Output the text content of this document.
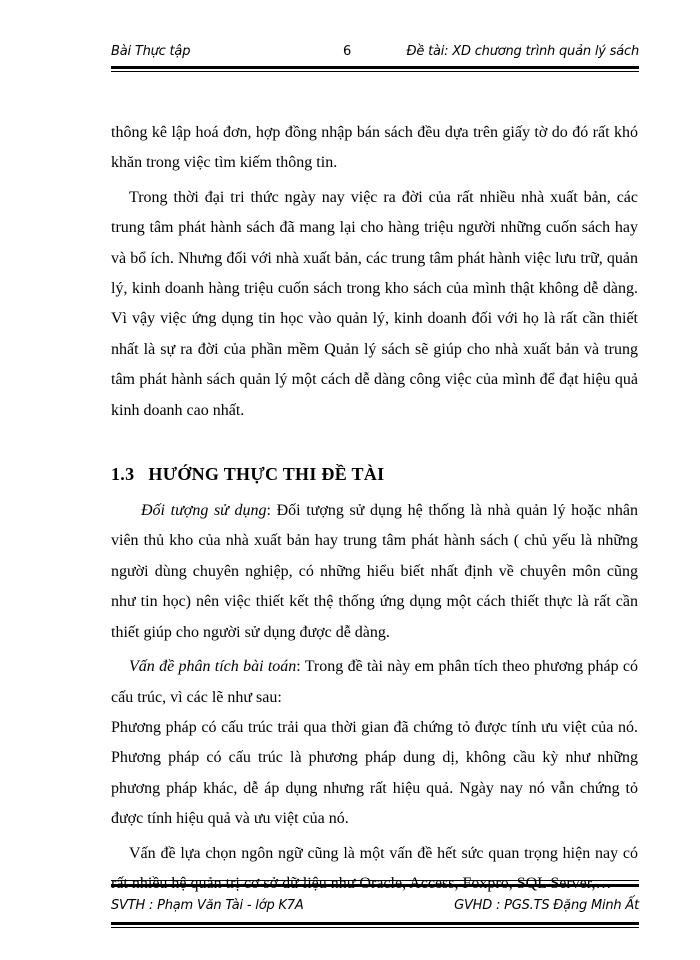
Bài Thực tập	6	Đề tài: XD chương trình quản lý sách

thông kê lập hoá đơn, hợp đồng nhập bán sách đều dựa trên giấy tờ do đó rất khó khăn trong việc tìm kiếm thông tin.

Trong thời đại tri thức ngày nay việc ra đời của rất nhiều nhà xuất bản, các trung tâm phát hành sách đã mang lại cho hàng triệu người những cuốn sách hay và bổ ích. Nhưng đối với nhà xuất bản, các trung tâm phát hành việc lưu trữ, quản lý, kinh doanh hàng triệu cuốn sách trong kho sách của mình thật không dễ dàng. Vì vậy việc ứng dụng tin học vào quản lý, kinh doanh đối với họ là rất cần thiết nhất là sự ra đời của phần mềm Quản lý sách sẽ giúp cho nhà xuất bản và trung tâm phát hành sách quản lý một cách dễ dàng công việc của mình để đạt hiệu quả kinh doanh cao nhất.

1.3 HƯỚNG THỰC THI ĐỀ TÀI

Đối tượng sử dụng: Đối tượng sử dụng hệ thống là nhà quản lý hoặc nhân viên thủ kho của nhà xuất bản hay trung tâm phát hành sách ( chủ yếu là những người dùng chuyên nghiệp, có những hiểu biết nhất định về chuyên môn cũng như tin học) nên việc thiết kết thệ thống ứng dụng một cách thiết thực là rất cần thiết giúp cho người sử dụng được dễ dàng.

Vấn đề phân tích bài toán: Trong đề tài này em phân tích theo phương pháp có cấu trúc, vì các lẽ như sau:

Phương pháp có cấu trúc trải qua thời gian đã chứng tỏ được tính ưu việt của nó. Phương pháp có cấu trúc là phương pháp dung dị, không cầu kỳ như những phương pháp khác, dễ áp dụng nhưng rất hiệu quả. Ngày nay nó vẫn chứng tỏ được tính hiệu quả và ưu việt của nó.

Vấn đề lựa chọn ngôn ngữ cũng là một vấn đề hết sức quan trọng hiện nay có

SVTH : Phạm Văn Tài - lớp K7A	GVHD : PGS.TS Đặng Minh Ất
